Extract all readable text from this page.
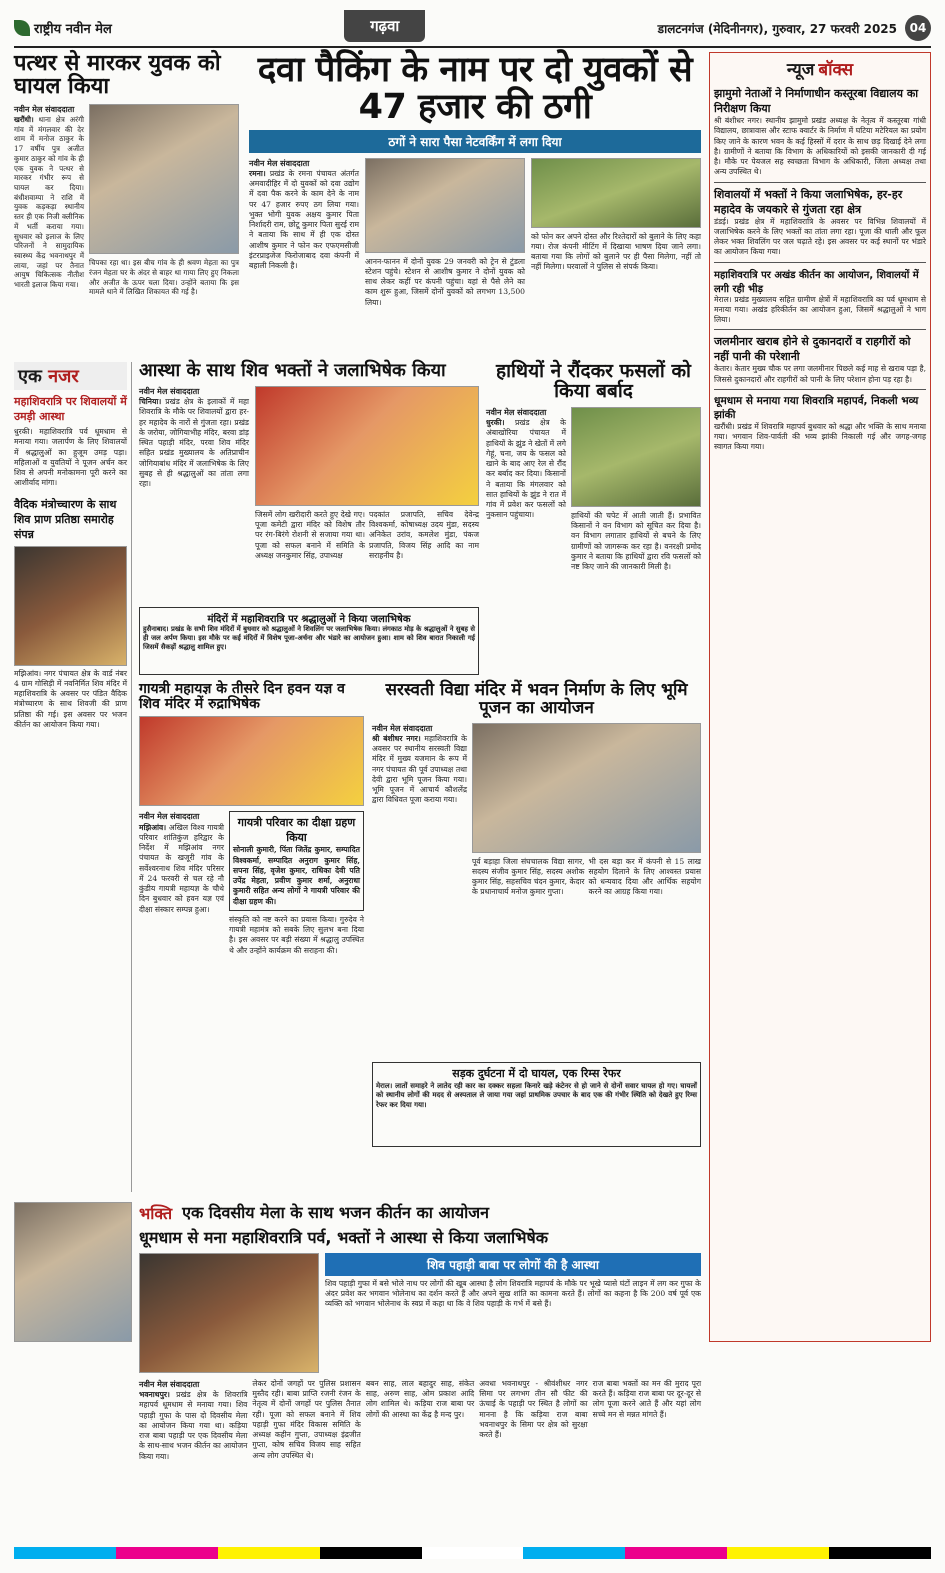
राष्ट्रीय नवीन मेल	गढ़वा	डालटनगंज (मेदिनीनगर), गुरुवार, 27 फरवरी 2025	04
पत्थर से मारकर युवक को घायल किया
नवीन मेल संवाददाता
खरौंधी। थाना क्षेत्र अरंगी गांव में मंगलवार की देर शाम में मनोज ठाकुर के 17 वर्षीय पुत्र अजीत कुमार ठाकुर को गांव के ही एक युवक ने पत्थर से मारकर गंभीर रूप से घायल कर दिया। बंधीशवाम्पा ने राशि में युवक कड़कड़ा स्थानीय स्तर ही एक निजी क्लीनिक में भर्ती कराया गया। सुधवार को इलाज के लिए परिजनों ने सामुदायिक स्वास्थ्य केंद्र भवनाथपुर में लाया, जहां पर तैनात आयुष चिकित्सक नीतीश भारती इलाज किया गया।
चिपका रहा था। इस बीच गांव के ही श्रवण मेहता का पुत्र रंजन मेहता घर के अंदर से बाहर था गाया लिए हुए निकला और अजीत के ऊपर चला दिया। उन्होंने बताया कि इस मामले थाने में लिखित शिकायत की गई है।
दवा पैकिंग के नाम पर दो युवकों से 47 हजार की ठगी
ठगों ने सारा पैसा नेटवर्किंग में लगा दिया
नवीन मेल संवाददाता
रमना। प्रखंड के रमना पंचायत अंतर्गत अमवादीहिर में दो युवकों को दवा उद्योग में दवा पैक करने के काम देने के नाम पर 47 हजार रुपए ठग लिया गया। भुक्त भोगी युवक अक्षय कुमार पिता निर्शादरी राम, छोटू कुमार पिता सुरई राम ने बताया कि साथ में ही एक दोस्त आशीष कुमार ने फोन कर एफएमसीजी इंटरप्राइजेज फिरोजाबाद दवा कंपनी में बहाली निकली है।	आनन-फानन में दोनों युवक 29 जनवरी को ट्रेन से टुंडला स्टेशन पहुंचे। स्टेशन से आशीष कुमार ने दोनों युवक को साथ लेकर कहीं पर कंपनी पहुंचा। वहां से पैसे लेने का काम शुरू हुआ, जिसमें दोनों युवकों को लगभग 13,500 लिया।
को फोन कर अपने दोस्त और रिश्तेदारों को बुलाने के लिए कहा गया। रोज कंपनी मीटिंग में दिखाया भाषण दिया जाने लगा। बताया गया कि लोगों को बुलाने पर ही पैसा मिलेगा, नहीं तो नहीं मिलेगा। घरवालों ने पुलिस से संपर्क किया।
न्यूज बॉक्स
झामुमो नेताओं ने निर्माणाधीन कस्तूरबा विद्यालय का निरीक्षण किया
श्री बंशीधर नगर। स्थानीय झामुमो प्रखंड अध्यक्ष के नेतृत्व में कस्तूरबा गांधी विद्यालय, छात्रावास और स्टाफ क्वार्टर के निर्माण में घटिया मटेरियल का प्रयोग किए जाने के कारण भवन के कई हिस्सों में दरार के साथ छड़ दिखाई देने लगा है। ग्रामीणों ने बताया कि विभाग के अधिकारियों को इसकी जानकारी दी गई है। मौके पर पेयजल सह स्वच्छता विभाग के अधिकारी, जिला अध्यक्ष तथा अन्य उपस्थित थे।
शिवालयों में भक्तों ने किया जलाभिषेक, हर-हर महादेव के जयकारे से गुंजता रहा क्षेत्र
डंडई। प्रखंड क्षेत्र में महाशिवरात्रि के अवसर पर विभिन्न शिवालयों में जलाभिषेक करने के लिए भक्तों का तांता लगा रहा। पूजा की थाली और फूल लेकर भक्त शिवलिंग पर जल चढ़ाते रहे। इस अवसर पर कई स्थानों पर भंडारे का आयोजन किया गया।
महाशिवरात्रि पर अखंड कीर्तन का आयोजन, शिवालयों में लगी रही भीड़
मेराल। प्रखंड मुख्यालय सहित ग्रामीण क्षेत्रों में महाशिवरात्रि का पर्व धूमधाम से मनाया गया। अखंड हरिकीर्तन का आयोजन हुआ, जिसमें श्रद्धालुओं ने भाग लिया।
जलमीनार खराब होने से दुकानदारों व राहगीरों को नहीं पानी की परेशानी
केतार। केतार मुख्य चौक पर लगा जलमीनार पिछले कई माह से खराब पड़ा है, जिससे दुकानदारों और राहगीरों को पानी के लिए परेशान होना पड़ रहा है।
धूमधाम से मनाया गया शिवरात्रि महापर्व, निकली भव्य झांकी
खरौंधी। प्रखंड में शिवरात्रि महापर्व बुधवार को श्रद्धा और भक्ति के साथ मनाया गया। भगवान शिव-पार्वती की भव्य झांकी निकाली गई और जगह-जगह स्वागत किया गया।
एक नजर
महाशिवरात्रि पर शिवालयों में उमड़ी आस्था
धुरकी। महाशिवरात्रि पर्व धूमधाम से मनाया गया। जलार्पण के लिए शिवालयों में श्रद्धालुओं का हुजूम उमड़ पड़ा। महिलाओं व युवतियों ने पूजन अर्चन कर शिव से अपनी मनोकामना पूरी करने का आशीर्वाद मांगा।
वैदिक मंत्रोच्चारण के साथ शिव प्राण प्रतिष्ठा समारोह संपन्न
मझिआंव। नगर पंचायत क्षेत्र के वार्ड नंबर 4 ग्राम गोसिड़ी में नवनिर्मित शिव मंदिर में महाशिवरात्रि के अवसर पर पंडित वैदिक मंत्रोच्चारण के साथ शिवजी की प्राण प्रतिष्ठा की गई। इस अवसर पर भजन कीर्तन का आयोजन किया गया।
आस्था के साथ शिव भक्तों ने जलाभिषेक किया
नवीन मेल संवाददाता
चिनिया। प्रखंड क्षेत्र के इलाकों में महा शिवरात्रि के मौके पर शिवालयों द्वारा हर-हर महादेव के नारों से गुंजता रहा। प्रखंड के जरोया, जोगियाभीह मंदिर, बरवा डांड़ स्थित पहाड़ी मंदिर, परवा शिव मंदिर सहित प्रखंड मुख्यालय के अतिप्राचीन जोगियाबांध मंदिर में जलाभिषेक के लिए सुबह से ही श्रद्धालुओं का तांता लगा रहा।
जिसमें लोग खरीदारी करते हुए देखे गए। पूजा कमेटी द्वारा मंदिर को विशेष तौर पर रंग-बिरंगे रोशनी से सजाया गया था। पूजा को सफल बनाने में समिति के अध्यक्ष जनकुमार सिंह, उपाध्यक्ष
पदकांत प्रजापति, सचिव देवेन्द्र विश्वकर्मा, कोषाध्यक्ष उदय मुंडा, सदस्य अनिकेत उरांव, कमलेश मुंडा, पंकज प्रजापति, विजय सिंह आदि का नाम सराहनीय है।
हाथियों ने रौंदकर फसलों को किया बर्बाद
नवीन मेल संवाददाता
धुरकी। प्रखंड क्षेत्र के अंबाखोरिया पंचायत में हाथियों के झुंड ने खेतों में लगे गेहूं, चना, जय के फसल को खाने के बाद आए रेल से रौंद कर बर्बाद कर दिया। किसानों ने बताया कि मंगलवार को सात हाथियों के झुंड ने रात में गांव में प्रवेश कर फसलों को नुकसान पहुंचाया।	हाथियों की चपेट में आती जाती हैं। प्रभावित किसानों ने वन विभाग को सूचित कर दिया है। वन विभाग लगातार हाथियों से बचने के लिए ग्रामीणों को जागरूक कर रहा है। वनरक्षी प्रमोद कुमार ने बताया कि हाथियों द्वारा रवि फसलों को नष्ट किए जाने की जानकारी मिली है।
मंदिरों में महाशिवरात्रि पर श्रद्धालुओं ने किया जलाभिषेक
हुसैनाबाद। प्रखंड के सभी शिव मंदिरों में बुधवार को श्रद्धालुओं ने शिवलिंग पर जलाभिषेक किया। लंगकाठ मोड़ के श्रद्धालुओं ने सुबह से ही जल अर्पण किया। इस मौके पर कई मंदिरों में विशेष पूजा-अर्चना और भंडारे का आयोजन हुआ। शाम को शिव बारात निकाली गई जिसमें सैकड़ों श्रद्धालु शामिल हुए।
गायत्री महायज्ञ के तीसरे दिन हवन यज्ञ व शिव मंदिर में रुद्राभिषेक
नवीन मेल संवाददाता
मझिआंव। अखिल विश्व गायत्री परिवार शांतिकुंज हरिद्वार के निर्देश में मझिआंव नगर पंचायत के खजूरी गांव के सर्वेश्वरनाथ शिव मंदिर परिसर में 24 फरवरी से चल रहे नौ कुंडीय गायत्री महायज्ञ के चौथे दिन बुधवार को हवन यज्ञ एवं दीक्षा संस्कार सम्पन्न हुआ।
गायत्री परिवार का दीक्षा ग्रहण किया
सोनाली कुमारी, पिंता जितेंद्र कुमार, सम्पादित विश्वकर्मा, सम्पादित अनुराग कुमार सिंह, सपना सिंह, वृजेश कुमार, राधिका देवी पति उपेंद्र मेहता, प्रवीण कुमार शर्मा, अनुराधा कुमारी सहित अन्य लोगों ने गायत्री परिवार की दीक्षा ग्रहण की।
संस्कृति को नष्ट करने का प्रयास किया। गुरुदेव ने गायत्री महामंत्र को सबके लिए सुलभ बना दिया है। इस अवसर पर बड़ी संख्या में श्रद्धालु उपस्थित थे और उन्होंने कार्यक्रम की सराहना की।
सरस्वती विद्या मंदिर में भवन निर्माण के लिए भूमि पूजन का आयोजन
नवीन मेल संवाददाता
श्री बंशीधर नगर। महाशिवरात्रि के अवसर पर स्थानीय सरस्वती विद्या मंदिर में मुख्य यजमान के रूप में नगर पंचायत की पूर्व उपाध्यक्ष तथा देवी द्वारा भूमि पूजन किया गया। भूमि पूजन में आचार्य कौशलेंद्र द्वारा विधिवत पूजा कराया गया।
पूर्व बड़ाहा जिला संघचालक विद्या सागर, सदस्य संजीव कुमार सिंह, सदस्य अशोक कुमार सिंह, सहसचिव चंदन कुमार, केदार के प्रधानाचार्य मनोज कुमार गुप्ता।
भी दस बड़ा कर में कंपनी से 15 लाख सहयोग दिलाने के लिए आश्वस्त प्रयास को धन्यवाद दिया और आर्थिक सहयोग करने का आग्रह किया गया।
सड़क दुर्घटना में दो घायल, एक रिम्स रेफर
मेराल। लातों समाहरे ने लातेद रही कार का दक्कर सहला किनारे खड़े कंटेनर से हो जाने से दोनों सवार घायल हो गए। घायलों को स्थानीय लोगों की मदद से अस्पताल ले जाया गया जहां प्राथमिक उपचार के बाद एक की गंभीर स्थिति को देखते हुए रिम्स रेफर कर दिया गया।
भक्ति एक दिवसीय मेला के साथ भजन कीर्तन का आयोजन
धूमधाम से मना महाशिवरात्रि पर्व, भक्तों ने आस्था से किया जलाभिषेक
शिव पहाड़ी बाबा पर लोगों की है आस्था
शिव पहाड़ी गुफा में बसे भोले नाथ पर लोगों की खूब आस्था है लोग शिवरात्रि महापर्व के मौके पर भूखे प्यासे घंटों लाइन में लग कर गुफा के अंदर प्रवेश कर भगवान भोलेनाथ का दर्शन करते हैं और अपने सुख शांति का कामना करते हैं। लोगों का कहना है कि 200 वर्ष पूर्व एक व्यक्ति को भगवान भोलेनाथ के स्वप्न में कहा था कि वे शिव पहाड़ी के गर्भ में बसे हैं।
नवीन मेल संवाददाता
भवनाथपुर। प्रखंड क्षेत्र के शिवरात्रि महापर्व धूमधाम से मनाया गया। शिव पहाड़ी गुफा के पास दो दिवसीय मेला का आयोजन किया गया था। कड़िया राज बाबा पहाड़ी पर एक दिवसीय मेला के साथ-साथ भजन कीर्तन का आयोजन किया गया।
लेकर दोनों जगहों पर पुलिस प्रशासन मुस्तैद रही। बाबा प्राप्ति रजनी रंजन के नेतृत्व में दोनों जगहों पर पुलिस तैनात रही। पूजा को सफल बनाने में शिव पहाड़ी गुफा मंदिर विकास समिति के अध्यक्ष कहीन गुप्ता, उपाध्यक्ष इंद्रजीत गुप्ता, कोष सचिव विजय साह सहित अन्य लोग उपस्थित थे।
बबन साह, लाल बहादुर साह, संकेत साह, अरुण साह, ओम प्रकाश आदि लोग शामिल थे। कड़िया राज बाबा पर लोगों की आस्था का केंद्र है मन्द पुर।
अवधा भवनाथपुर - श्रीवंशीधर नगर सिमा पर लगभग तीन सौ फीट की ऊंचाई के पहाड़ी पर स्थित है लोगों का मानना है कि कड़िया राज बाबा भवनाथपुर के सिमा पर क्षेत्र को सुरक्षा करते हैं।
राज बाबा भक्तों का मन की मुराद पूरा करते हैं। कड़िया राज बाबा पर दूर-दूर से लोग पूजा करने आते हैं और यहां लोग सच्चे मन से मन्नत मांगते हैं।
